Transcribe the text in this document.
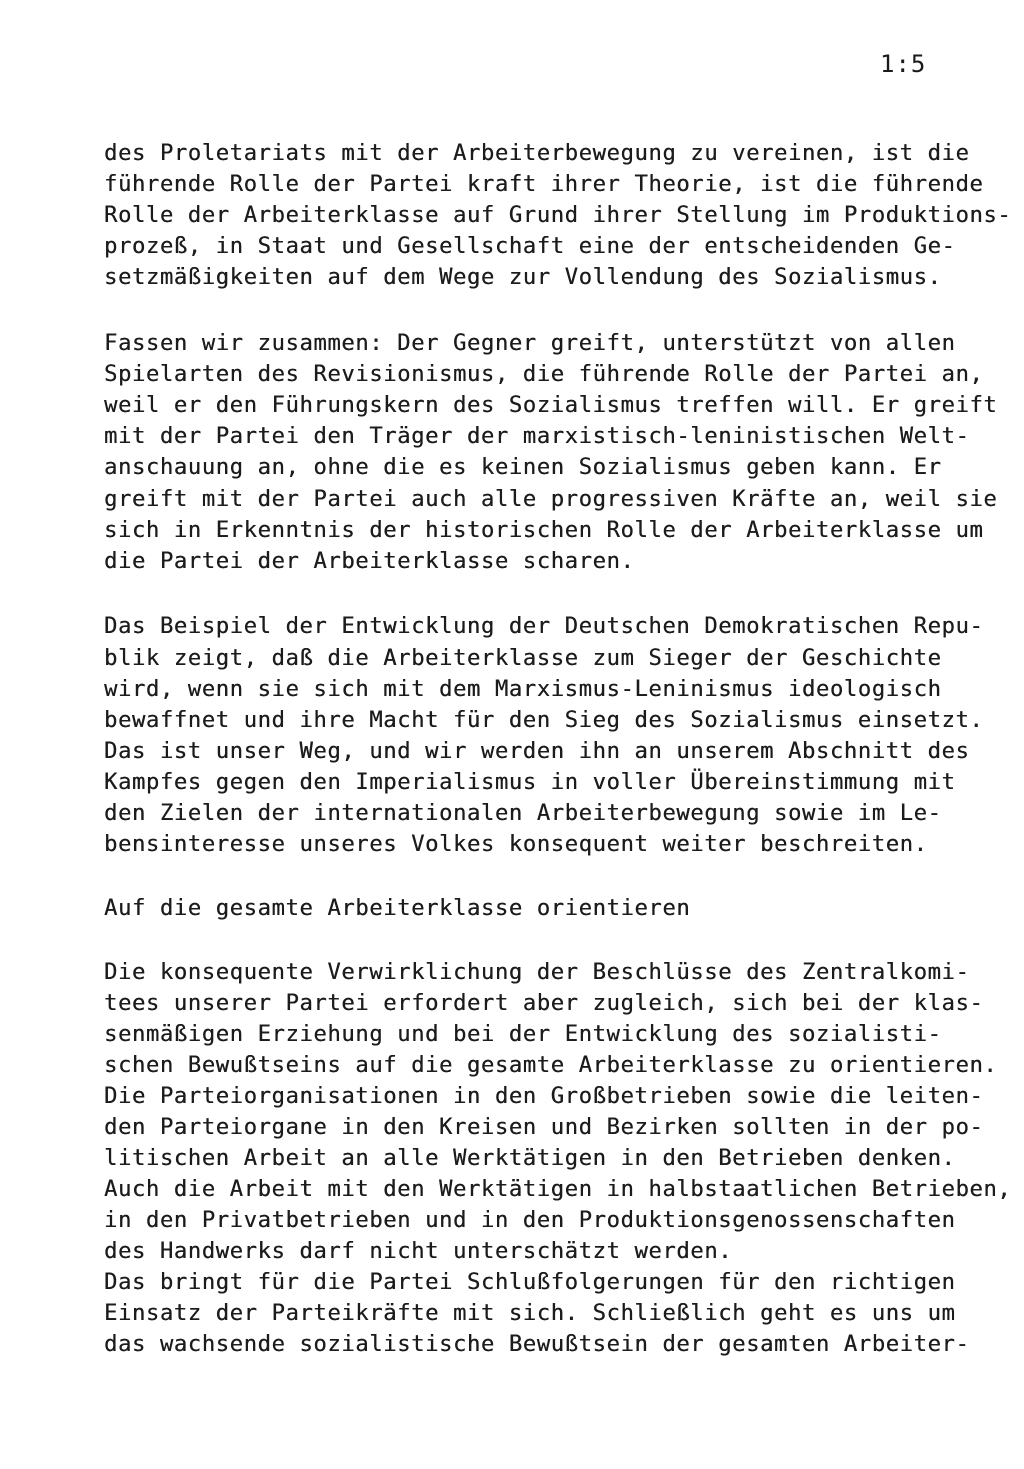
1:5

des Proletariats mit der Arbeiterbewegung zu vereinen, ist die

führende Rolle der Partei kraft ihrer Theorie, ist die führende

Rolle der Arbeiterklasse auf Grund ihrer Stellung im Produktions-

prozeß, in Staat und Gesellschaft eine der entscheidenden Ge-

setzmäßigkeiten auf dem Wege zur Vollendung des Sozialismus.

Fassen wir zusammen: Der Gegner greift, unterstützt von allen

Spielarten des Revisionismus, die führende Rolle der Partei an,

weil er den Führungskern des Sozialismus treffen will. Er greift

mit der Partei den Träger der marxistisch-leninistischen Welt-

anschauung an, ohne die es keinen Sozialismus geben kann. Er

greift mit der Partei auch alle progressiven Kräfte an, weil sie

sich in Erkenntnis der historischen Rolle der Arbeiterklasse um

die Partei der Arbeiterklasse scharen.

Das Beispiel der Entwicklung der Deutschen Demokratischen Repu-

blik zeigt, daß die Arbeiterklasse zum Sieger der Geschichte

wird, wenn sie sich mit dem Marxismus-Leninismus ideologisch

bewaffnet und ihre Macht für den Sieg des Sozialismus einsetzt.

Das ist unser Weg, und wir werden ihn an unserem Abschnitt des

Kampfes gegen den Imperialismus in voller Übereinstimmung mit

den Zielen der internationalen Arbeiterbewegung sowie im Le-

bensinteresse unseres Volkes konsequent weiter beschreiten.

Auf die gesamte Arbeiterklasse orientieren

Die konsequente Verwirklichung der Beschlüsse des Zentralkomi-

tees unserer Partei erfordert aber zugleich, sich bei der klas-

senmäßigen Erziehung und bei der Entwicklung des sozialisti-

schen Bewußtseins auf die gesamte Arbeiterklasse zu orientieren.

Die Parteiorganisationen in den Großbetrieben sowie die leiten-

den Parteiorgane in den Kreisen und Bezirken sollten in der po-

litischen Arbeit an alle Werktätigen in den Betrieben denken.

Auch die Arbeit mit den Werktätigen in halbstaatlichen Betrieben,

in den Privatbetrieben und in den Produktionsgenossenschaften

des Handwerks darf nicht unterschätzt werden.

Das bringt für die Partei Schlußfolgerungen für den richtigen

Einsatz der Parteikräfte mit sich. Schließlich geht es uns um

das wachsende sozialistische Bewußtsein der gesamten Arbeiter-
